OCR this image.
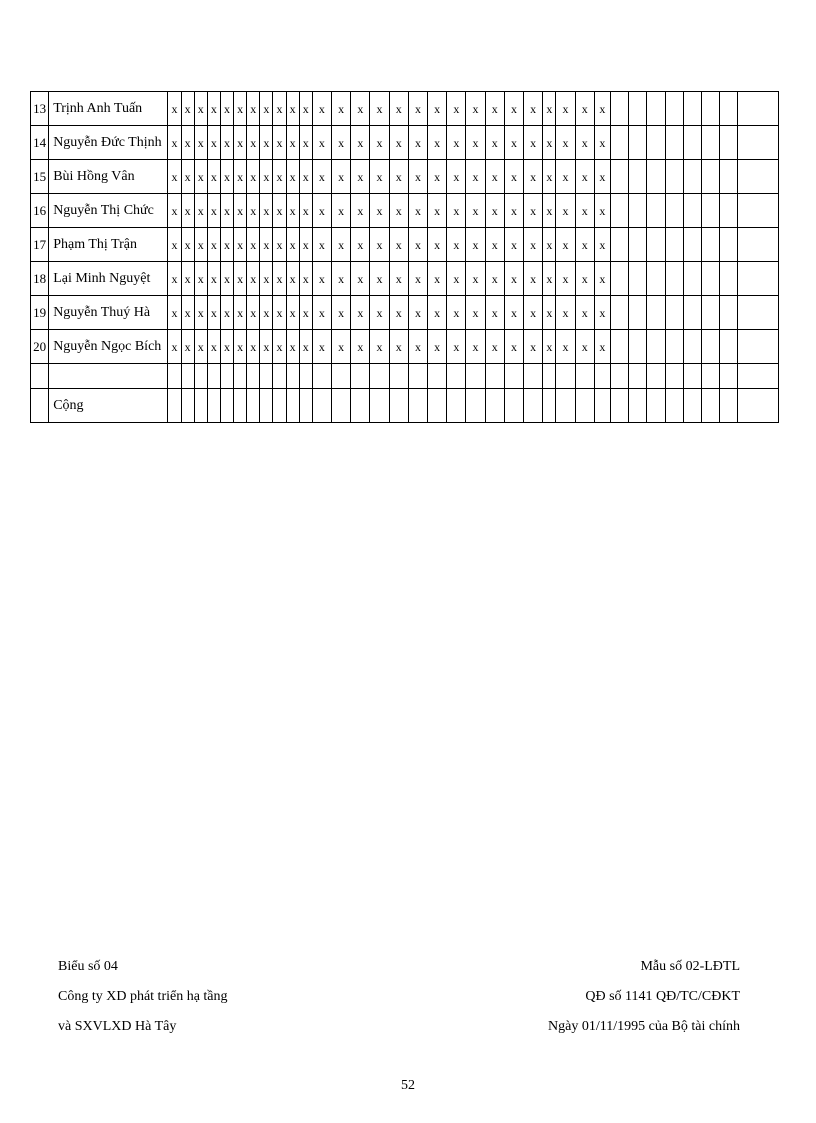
13	Trịnh Anh Tuấn	x	x	x	x	x	x	x	x	x	x	x	x	x	x	x	x	x	x	x	x	x	x	x	x	x	x	x								
14	Nguyễn Đức Thịnh	x	x	x	x	x	x	x	x	x	x	x	x	x	x	x	x	x	x	x	x	x	x	x	x	x	x	x								
15	Bùi Hồng Vân	x	x	x	x	x	x	x	x	x	x	x	x	x	x	x	x	x	x	x	x	x	x	x	x	x	x	x								
16	Nguyễn Thị Chức	x	x	x	x	x	x	x	x	x	x	x	x	x	x	x	x	x	x	x	x	x	x	x	x	x	x	x								
17	Phạm Thị Trận	x	x	x	x	x	x	x	x	x	x	x	x	x	x	x	x	x	x	x	x	x	x	x	x	x	x	x								
18	Lại Minh Nguyệt	x	x	x	x	x	x	x	x	x	x	x	x	x	x	x	x	x	x	x	x	x	x	x	x	x	x	x								
19	Nguyễn Thuý Hà	x	x	x	x	x	x	x	x	x	x	x	x	x	x	x	x	x	x	x	x	x	x	x	x	x	x	x								
20	Nguyễn Ngọc Bích	x	x	x	x	x	x	x	x	x	x	x	x	x	x	x	x	x	x	x	x	x	x	x	x	x	x	x								

	Cộng																																			
Biểu số 04
Công ty XD phát triển hạ tầng
và SXVLXD Hà Tây
Mẫu số 02-LĐTL
QĐ số 1141 QĐ/TC/CĐKT
Ngày 01/11/1995 của Bộ tài chính
52
